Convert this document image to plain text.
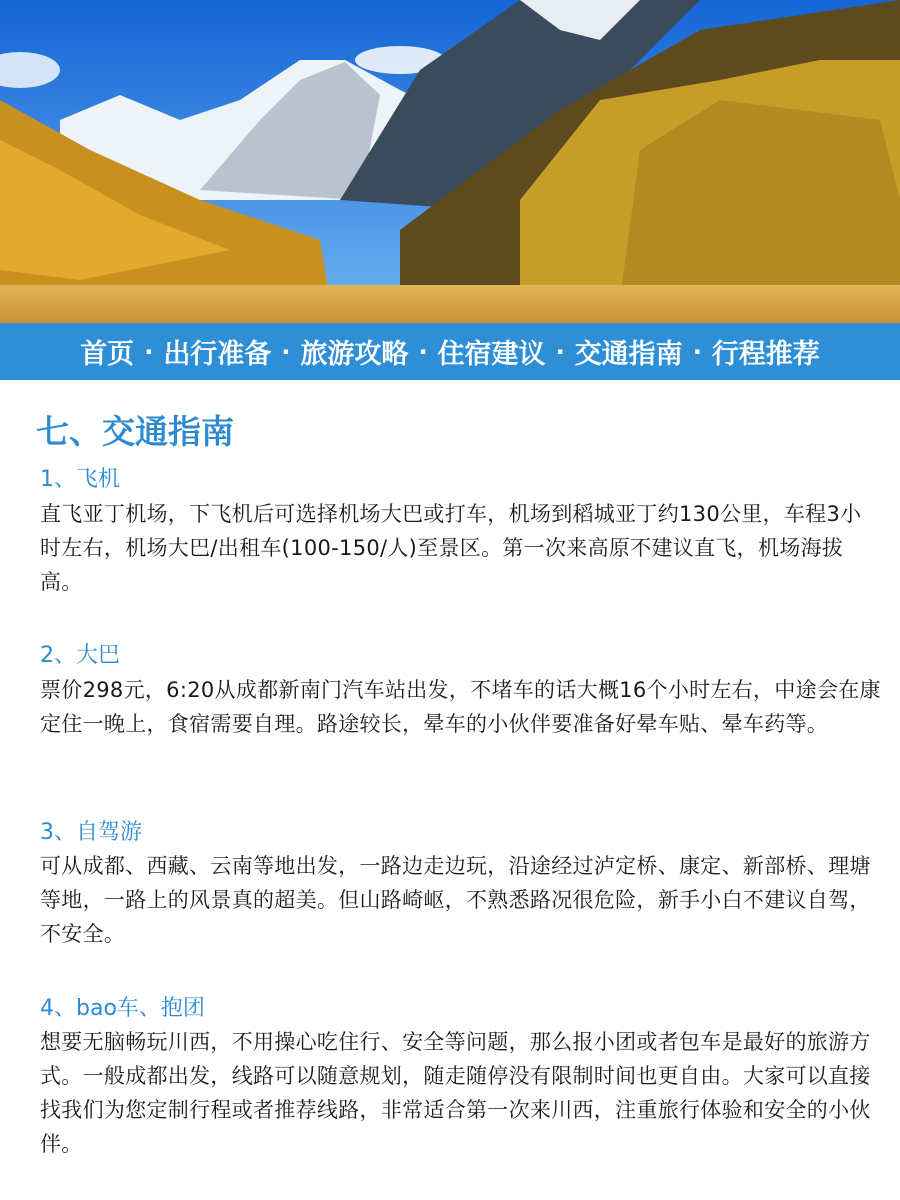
首页 · 出行准备 · 旅游攻略 · 住宿建议 · 交通指南 · 行程推荐
七、交通指南
1、飞机
直飞亚丁机场，下飞机后可选择机场大巴或打车，机场到稻城亚丁约130公里，车程3小时左右，机场大巴/出租车(100-150/人)至景区。第一次来高原不建议直飞，机场海拔高。
2、大巴
票价298元，6:20从成都新南门汽车站出发，不堵车的话大概16个小时左右，中途会在康定住一晚上，食宿需要自理。路途较长，晕车的小伙伴要准备好晕车贴、晕车药等。
3、自驾游
可从成都、西藏、云南等地出发，一路边走边玩，沿途经过泸定桥、康定、新部桥、理塘等地，一路上的风景真的超美。但山路崎岖，不熟悉路况很危险，新手小白不建议自驾，不安全。
4、bao车、抱团
想要无脑畅玩川西，不用操心吃住行、安全等问题，那么报小团或者包车是最好的旅游方式。一般成都出发，线路可以随意规划，随走随停没有限制时间也更自由。大家可以直接找我们为您定制行程或者推荐线路，非常适合第一次来川西，注重旅行体验和安全的小伙伴。
